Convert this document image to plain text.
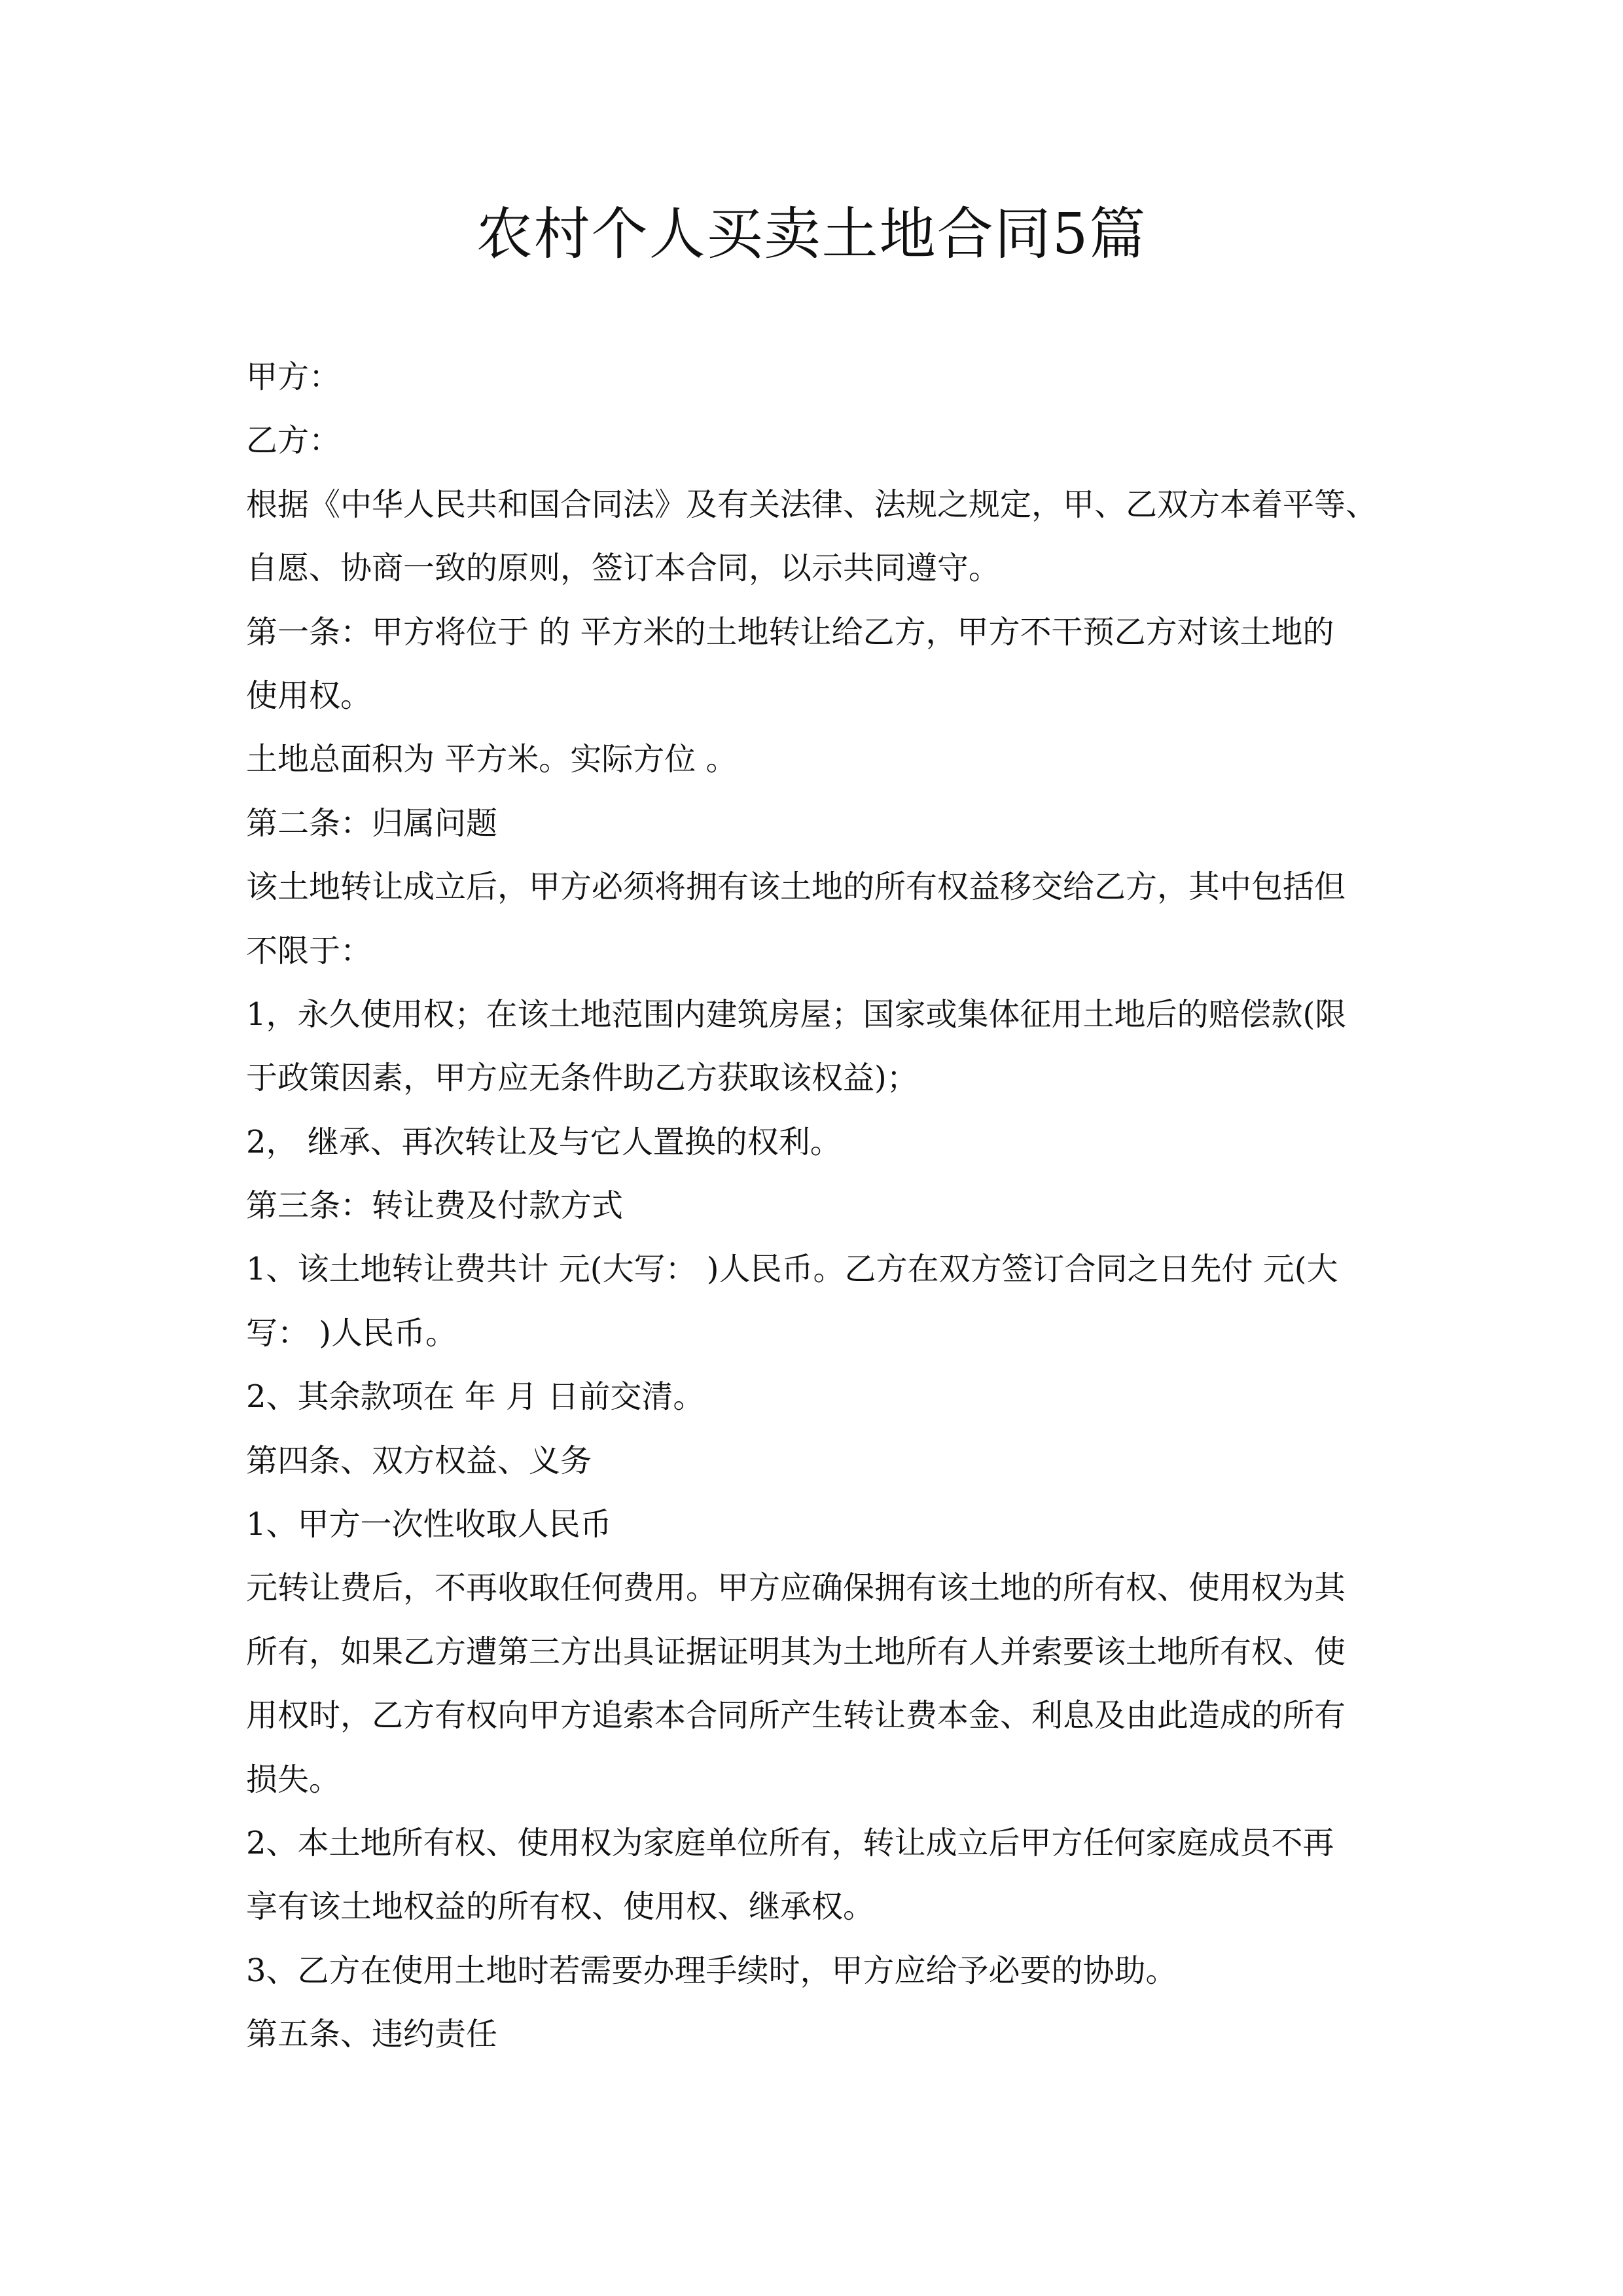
农村个人买卖土地合同5篇
甲方：
乙方：
根据《中华人民共和国合同法》及有关法律、法规之规定，甲、乙双方本着平等、
自愿、协商一致的原则，签订本合同，以示共同遵守。
第一条：甲方将位于 的 平方米的土地转让给乙方，甲方不干预乙方对该土地的
使用权。
土地总面积为 平方米。实际方位 。
第二条：归属问题
该土地转让成立后，甲方必须将拥有该土地的所有权益移交给乙方，其中包括但
不限于：
1，永久使用权；在该土地范围内建筑房屋；国家或集体征用土地后的赔偿款(限
于政策因素，甲方应无条件助乙方获取该权益)；
2， 继承、再次转让及与它人置换的权利。
第三条：转让费及付款方式
1、该土地转让费共计 元(大写： )人民币。乙方在双方签订合同之日先付 元(大
写： )人民币。
2、其余款项在 年 月 日前交清。
第四条、双方权益、义务
1、甲方一次性收取人民币
元转让费后，不再收取任何费用。甲方应确保拥有该土地的所有权、使用权为其
所有，如果乙方遭第三方出具证据证明其为土地所有人并索要该土地所有权、使
用权时，乙方有权向甲方追索本合同所产生转让费本金、利息及由此造成的所有
损失。
2、本土地所有权、使用权为家庭单位所有，转让成立后甲方任何家庭成员不再
享有该土地权益的所有权、使用权、继承权。
3、乙方在使用土地时若需要办理手续时，甲方应给予必要的协助。
第五条、违约责任
